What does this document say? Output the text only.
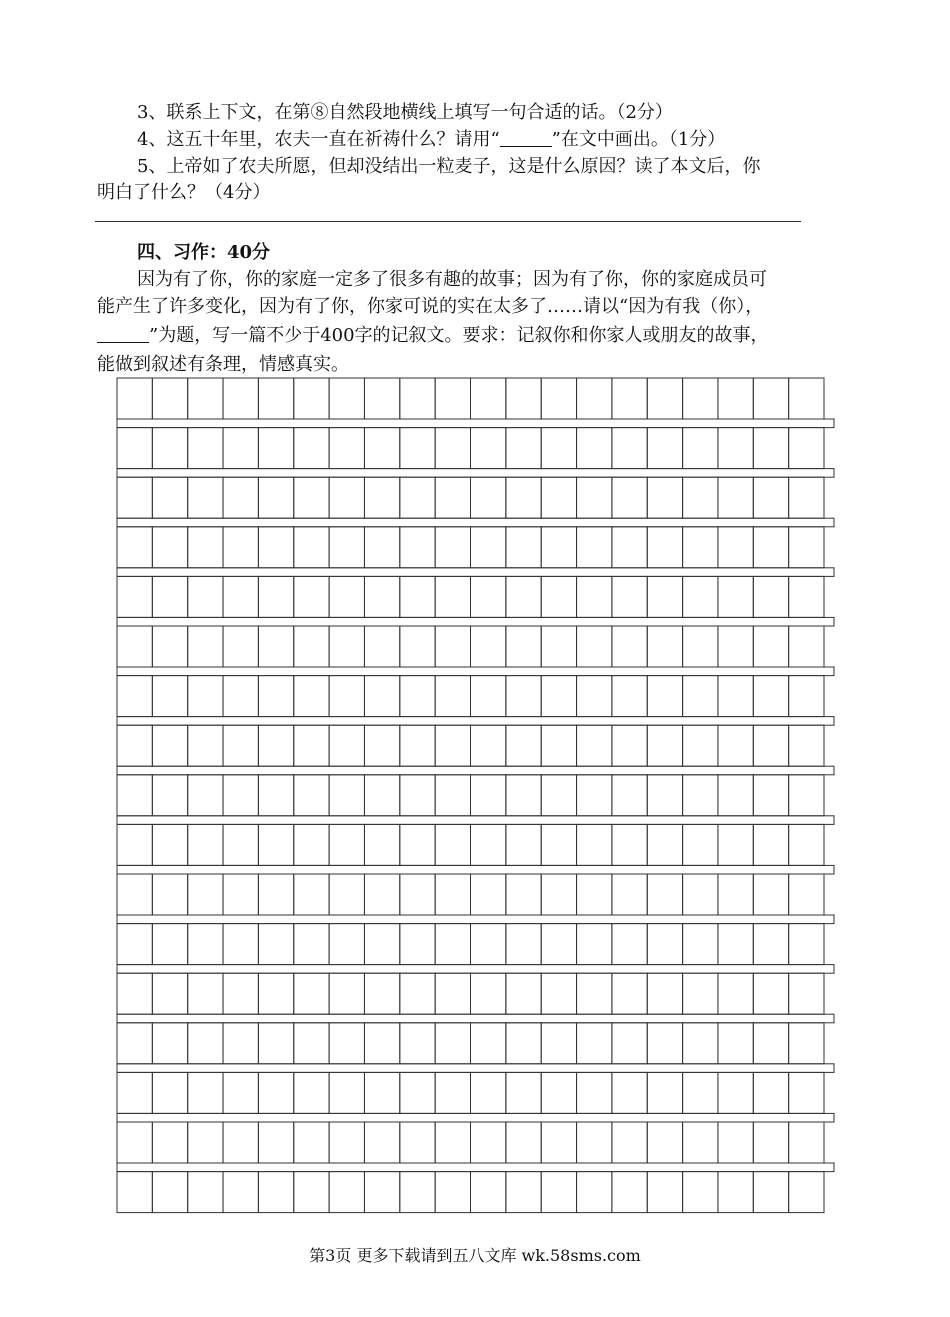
3、联系上下文，在第⑧自然段地横线上填写一句合适的话。（2分）
4、这五十年里，农夫一直在祈祷什么？请用“	”在文中画出。（1分）
5、上帝如了农夫所愿，但却没结出一粒麦子，这是什么原因？读了本文后，你
明白了什么？（4分）
四、习作：40分
因为有了你，你的家庭一定多了很多有趣的故事；因为有了你，你的家庭成员可
能产生了许多变化，因为有了你，你家可说的实在太多了……请以“因为有我（你），
”为题，写一篇不少于400字的记叙文。要求：记叙你和你家人或朋友的故事，
能做到叙述有条理，情感真实。
第3页 更多下载请到五八文库 wk.58sms.com
